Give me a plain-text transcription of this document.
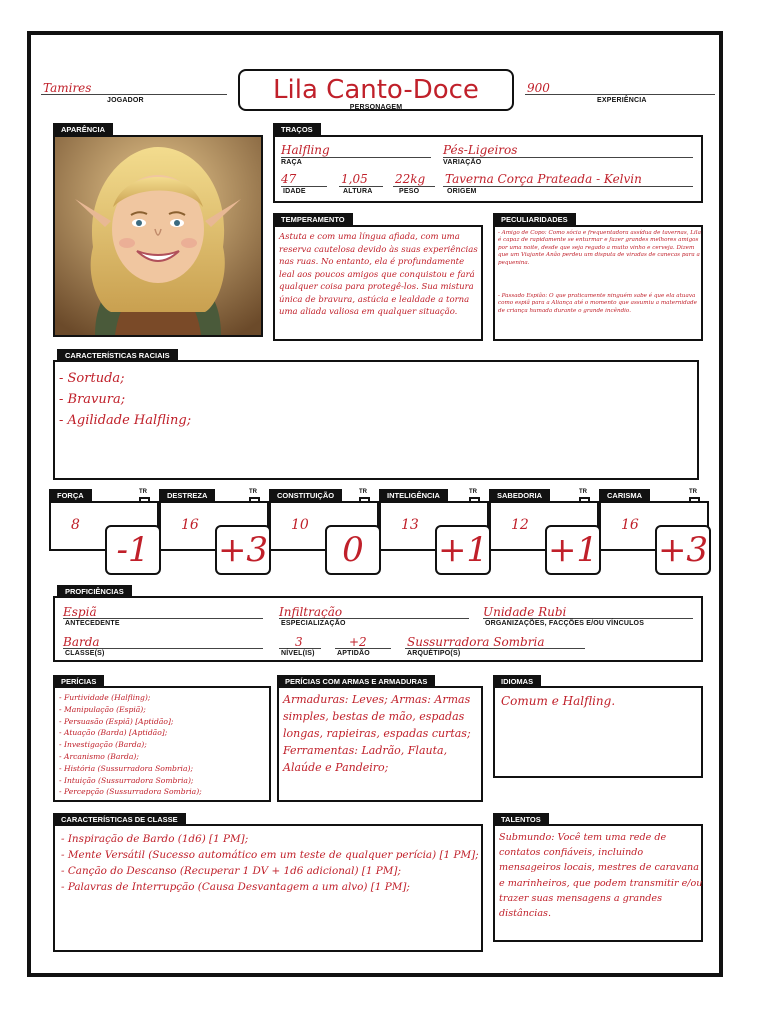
Tamires
JOGADOR	Lila Canto-Doce
PERSONAGEM
900
EXPERIÊNCIA
APARÊNCIA	TRAÇOS
Halfling
RAÇA
Pés-Ligeiros
VARIAÇÃO
47
IDADE
1,05
ALTURA
22kg
PESO
Taverna Corça Prateada - Kelvin
ORIGEM
TEMPERAMENTO
Astuta e com uma língua afiada, com uma reserva cautelosa devido às suas experiências nas ruas. No entanto, ela é profundamente leal aos poucos amigos que conquistou e fará qualquer coisa para protegê-los. Sua mistura única de bravura, astúcia e lealdade a torna uma aliada valiosa em qualquer situação.
PECULIARIDADES
- Amigo de Copo: Como sócia e frequentadora assídua de tavernas, Lila é capaz de rapidamente se enturmar e fazer grandes melhores amigos por uma noite, desde que seja regado a muito vinho e cerveja. Dizem que um Viajante Anão perdeu um disputa de viradas de canecas para a pequenina.
- Passado Espião: O que praticamente ninguém sabe é que ela atuava como espiã para a Aliança até o momento que assumiu a maternidade de criança humada durante o grande incêndio.
CARACTERÍSTICAS RACIAIS
- Sortuda;
- Bravura;
- Agilidade Halfling;
FORÇA	TR
8
-1
DESTREZA	TR
16
+3
CONSTITUIÇÃO	TR
10
0
INTELIGÊNCIA	TR
13
+1
SABEDORIA	TR
12
+1
CARISMA	TR
16
+3
PROFICIÊNCIAS
Espiã
ANTECEDENTE
Infiltração
ESPECIALIZAÇÃO
Unidade Rubi
ORGANIZAÇÕES, FACÇÕES E/OU VÍNCULOS
Barda
CLASSE(S)
3
NÍVEL(IS)
+2
APTIDÃO
Sussurradora Sombria
ARQUÉTIPO(S)
PERÍCIAS
- Furtividade (Halfling);
- Manipulação (Espiã);
- Persuasão (Espiã) [Aptidão];
- Atuação (Barda) [Aptidão];
- Investigação (Barda);
- Arcanismo (Barda);
- História (Sussurradora Sombria);
- Intuição (Sussurradora Sombria);
- Percepção (Sussurradora Sombria);
PERÍCIAS COM ARMAS E ARMADURAS
Armaduras: Leves; Armas: Armas simples, bestas de mão, espadas longas, rapieiras, espadas curtas; Ferramentas: Ladrão, Flauta, Alaúde e Pandeiro;
IDIOMAS
Comum e Halfling.
CARACTERÍSTICAS DE CLASSE
- Inspiração de Bardo (1d6) [1 PM];
- Mente Versátil (Sucesso automático em um teste de qualquer perícia) [1 PM];
- Canção do Descanso (Recuperar 1 DV + 1d6 adicional) [1 PM];
- Palavras de Interrupção (Causa Desvantagem a um alvo) [1 PM];
TALENTOS
Submundo: Você tem uma rede de contatos confiáveis, incluindo mensageiros locais, mestres de caravana e marinheiros, que podem transmitir e/ou trazer suas mensagens a grandes distâncias.
